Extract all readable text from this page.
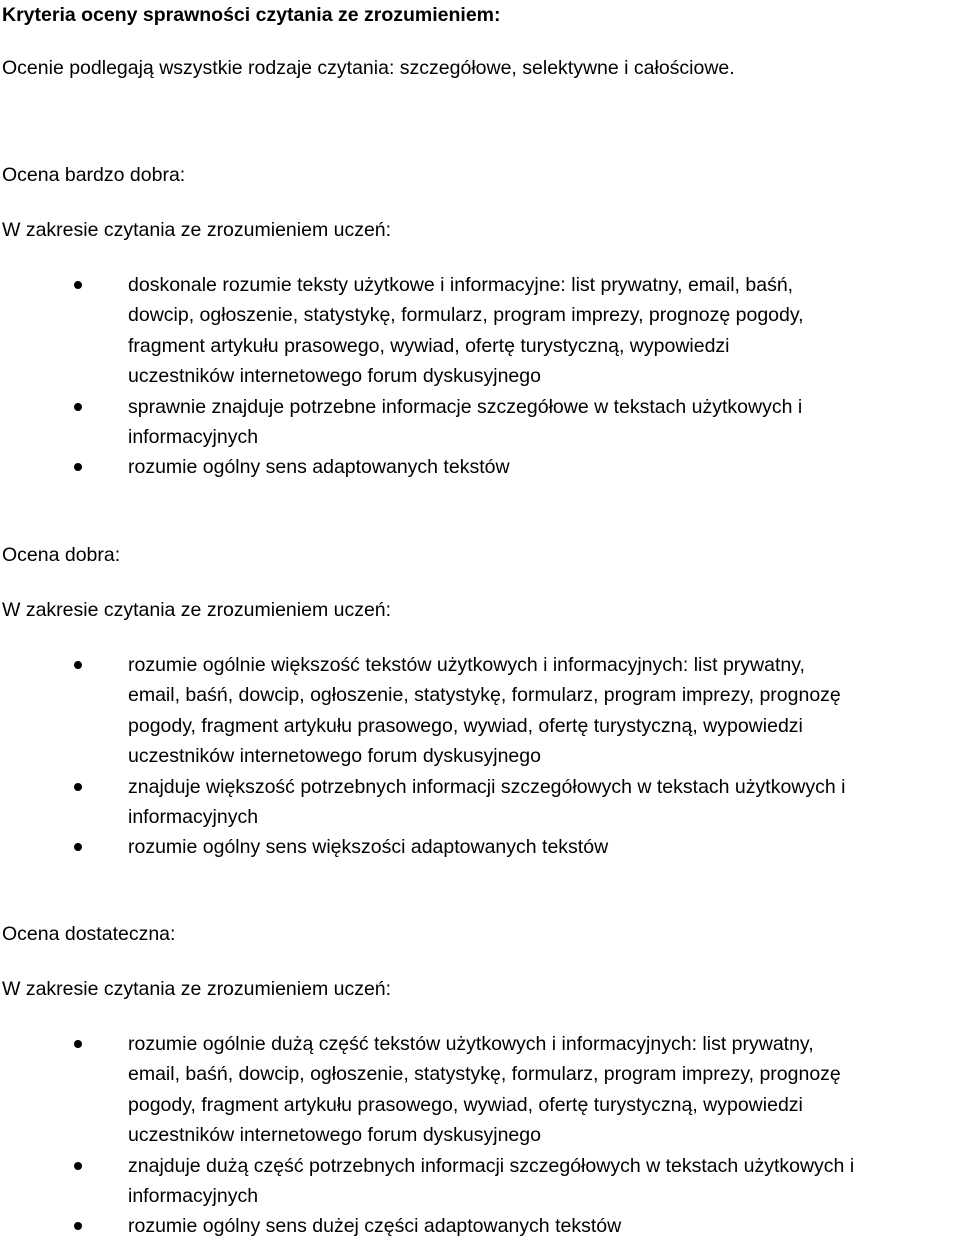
Kryteria oceny sprawności czytania ze zrozumieniem:

Ocenie podlegają wszystkie rodzaje czytania: szczegółowe, selektywne i całościowe.

Ocena bardzo dobra:

W zakresie czytania ze zrozumieniem uczeń:

doskonale rozumie teksty użytkowe i informacyjne: list prywatny, email, baśń,
dowcip, ogłoszenie, statystykę, formularz, program imprezy, prognozę pogody,
fragment artykułu prasowego, wywiad, ofertę turystyczną, wypowiedzi
uczestników internetowego forum dyskusyjnego
sprawnie znajduje potrzebne informacje szczegółowe w tekstach użytkowych i
informacyjnych
rozumie ogólny sens adaptowanych tekstów

Ocena dobra:

W zakresie czytania ze zrozumieniem uczeń:

rozumie ogólnie większość tekstów użytkowych i informacyjnych: list prywatny,
email, baśń, dowcip, ogłoszenie, statystykę, formularz, program imprezy, prognozę
pogody, fragment artykułu prasowego, wywiad, ofertę turystyczną, wypowiedzi
uczestników internetowego forum dyskusyjnego
znajduje większość potrzebnych informacji szczegółowych w tekstach użytkowych i
informacyjnych
rozumie ogólny sens większości adaptowanych tekstów

Ocena dostateczna:

W zakresie czytania ze zrozumieniem uczeń:

rozumie ogólnie dużą część tekstów użytkowych i informacyjnych: list prywatny,
email, baśń, dowcip, ogłoszenie, statystykę, formularz, program imprezy, prognozę
pogody, fragment artykułu prasowego, wywiad, ofertę turystyczną, wypowiedzi
uczestników internetowego forum dyskusyjnego
znajduje dużą część potrzebnych informacji szczegółowych w tekstach użytkowych i
informacyjnych
rozumie ogólny sens dużej części adaptowanych tekstów
